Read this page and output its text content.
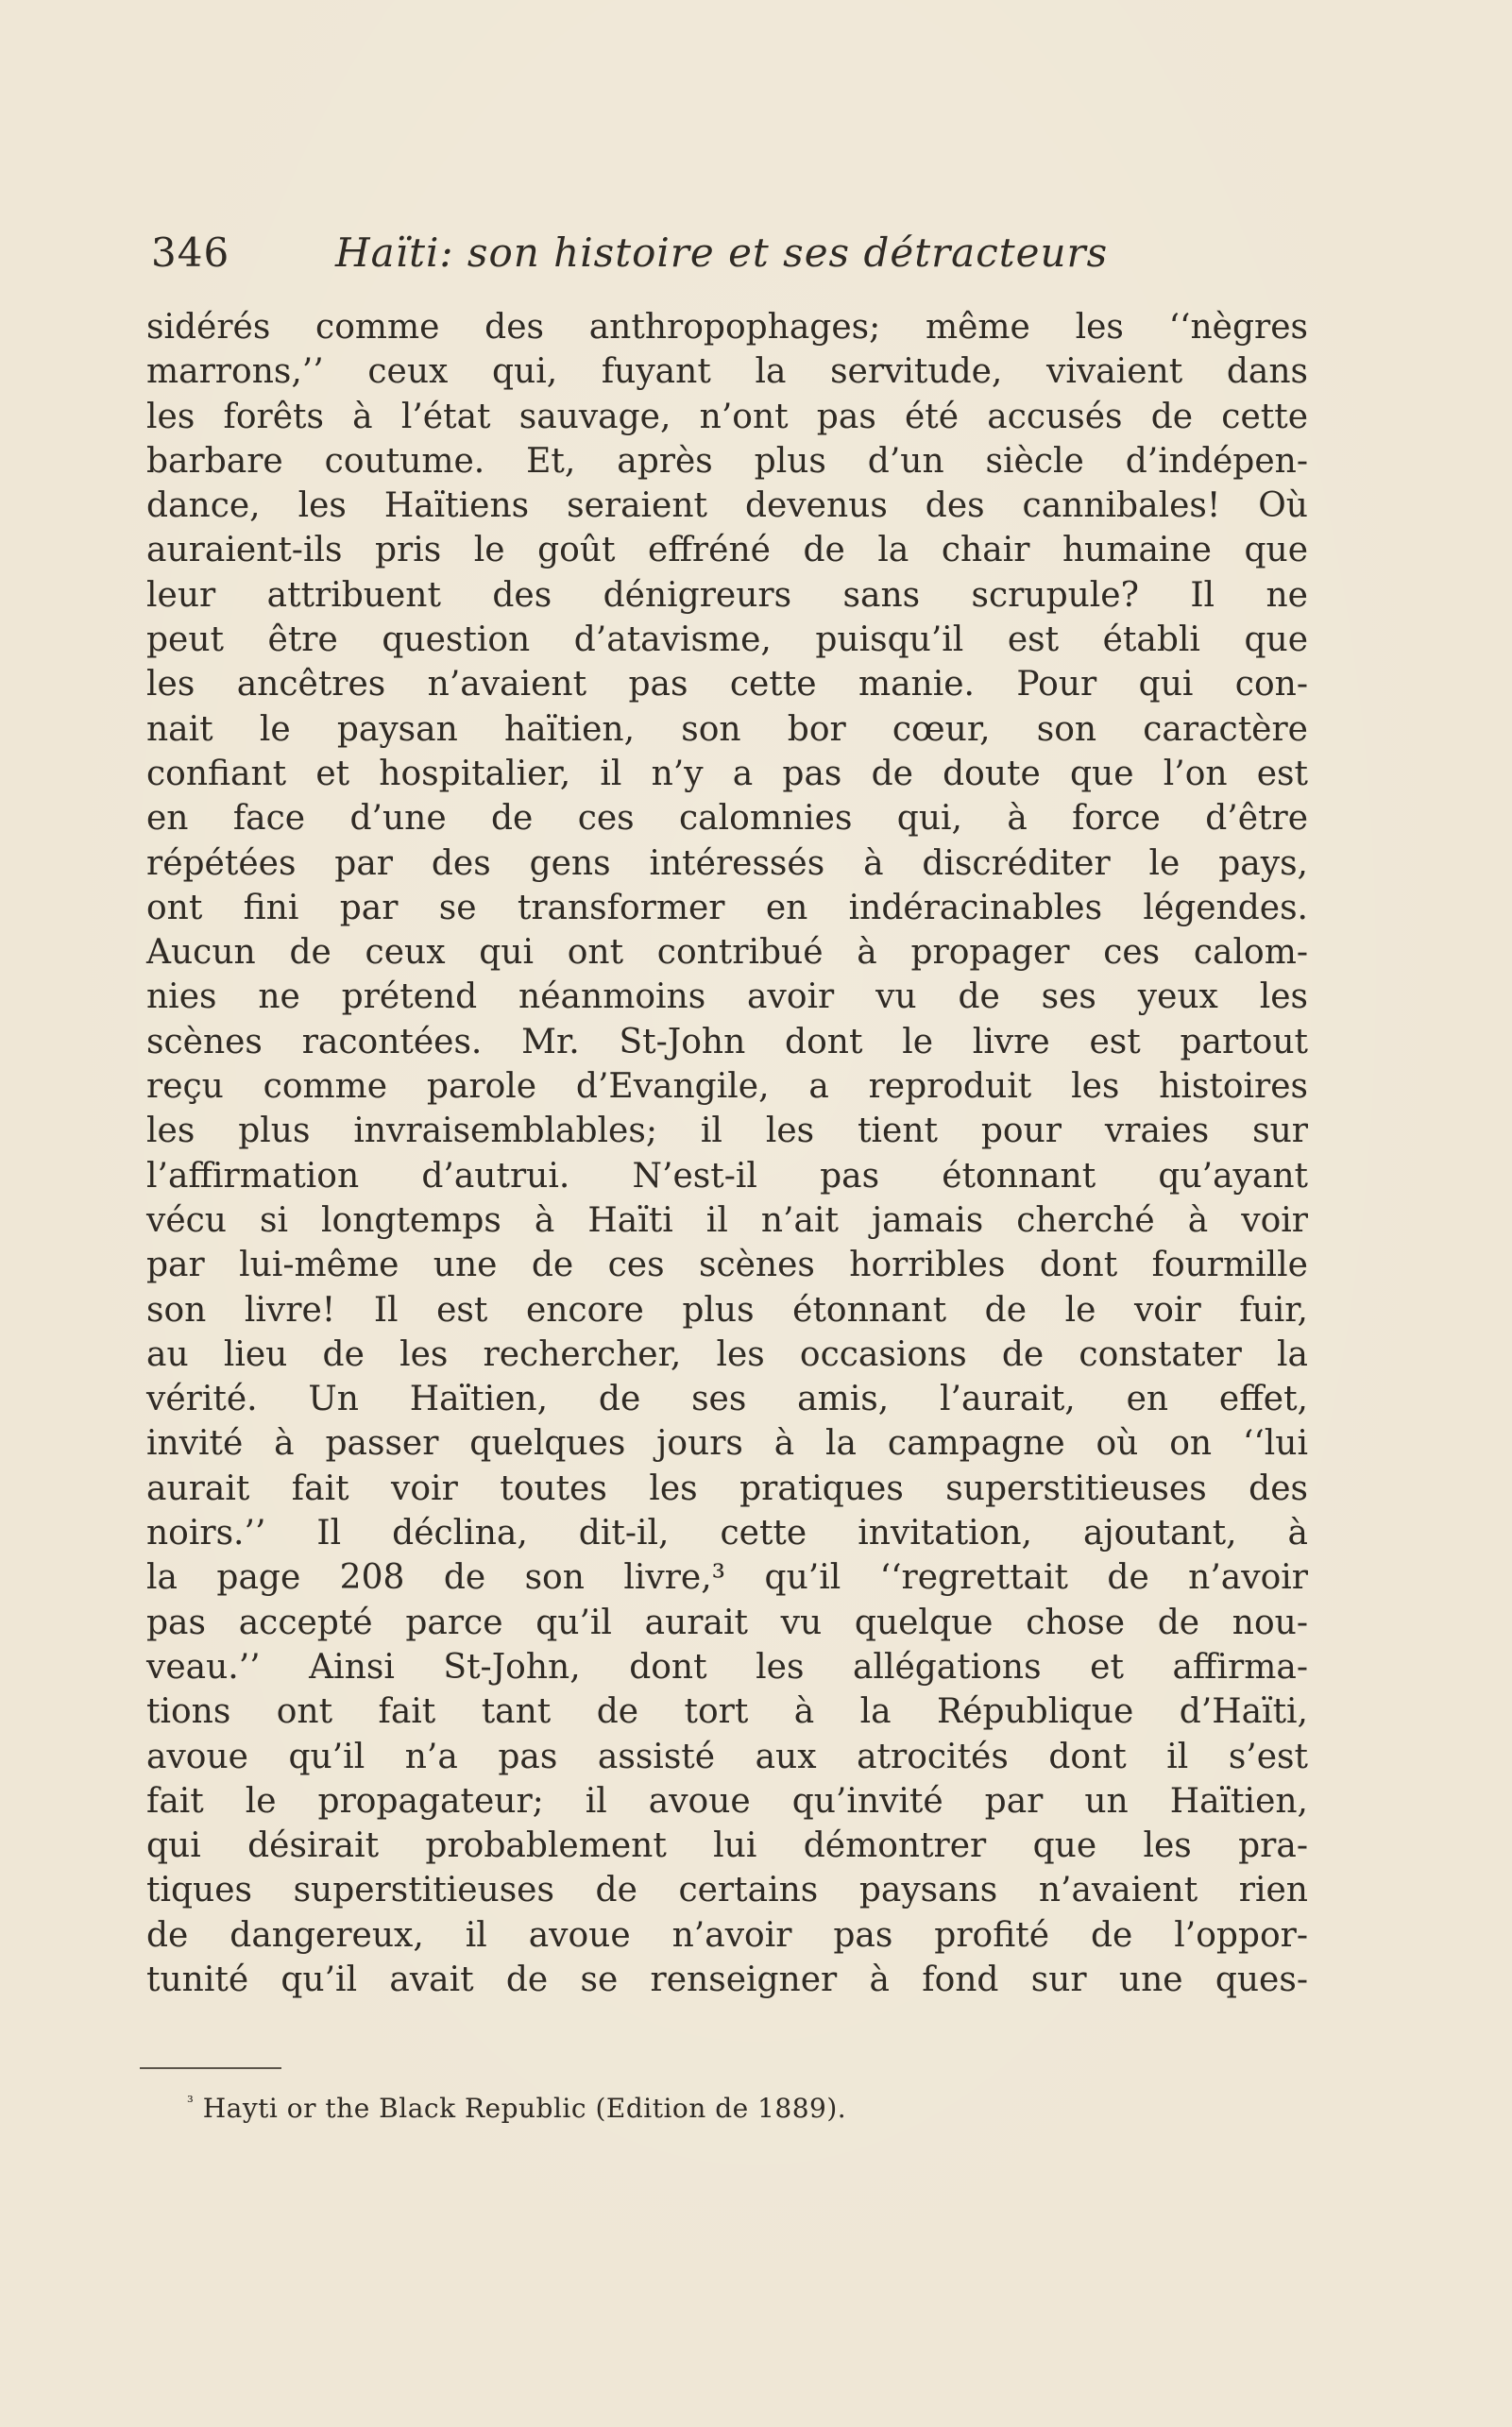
346	Haïti: son histoire et ses détracteurs
sidérés comme des anthropophages; même les ‘‘nègres
marrons,’’ ceux qui, fuyant la servitude, vivaient dans
les forêts à l’état sauvage, n’ont pas été accusés de cette
barbare coutume. Et, après plus d’un siècle d’indépen-
dance, les Haïtiens seraient devenus des cannibales! Où
auraient-ils pris le goût effréné de la chair humaine que
leur attribuent des dénigreurs sans scrupule? Il ne
peut être question d’atavisme, puisqu’il est établi que
les ancêtres n’avaient pas cette manie. Pour qui con-
nait le paysan haïtien, son bor cœur, son caractère
confiant et hospitalier, il n’y a pas de doute que l’on est
en face d’une de ces calomnies qui, à force d’être
répétées par des gens intéressés à discréditer le pays,
ont fini par se transformer en indéracinables légendes.
Aucun de ceux qui ont contribué à propager ces calom-
nies ne prétend néanmoins avoir vu de ses yeux les
scènes racontées. Mr. St-John dont le livre est partout
reçu comme parole d’Evangile, a reproduit les histoires
les plus invraisemblables; il les tient pour vraies sur
l’affirmation d’autrui. N’est-il pas étonnant qu’ayant
vécu si longtemps à Haïti il n’ait jamais cherché à voir
par lui-même une de ces scènes horribles dont fourmille
son livre! Il est encore plus étonnant de le voir fuir,
au lieu de les rechercher, les occasions de constater la
vérité. Un Haïtien, de ses amis, l’aurait, en effet,
invité à passer quelques jours à la campagne où on ‘‘lui
aurait fait voir toutes les pratiques superstitieuses des
noirs.’’ Il déclina, dit-il, cette invitation, ajoutant, à
la page 208 de son livre,³ qu’il ‘‘regrettait de n’avoir
pas accepté parce qu’il aurait vu quelque chose de nou-
veau.’’ Ainsi St-John, dont les allégations et affirma-
tions ont fait tant de tort à la République d’Haïti,
avoue qu’il n’a pas assisté aux atrocités dont il s’est
fait le propagateur; il avoue qu’invité par un Haïtien,
qui désirait probablement lui démontrer que les pra-
tiques superstitieuses de certains paysans n’avaient rien
de dangereux, il avoue n’avoir pas profité de l’oppor-
tunité qu’il avait de se renseigner à fond sur une ques-
$^{^3}$ Hayti or the Black Republic (Edition de 1889).
